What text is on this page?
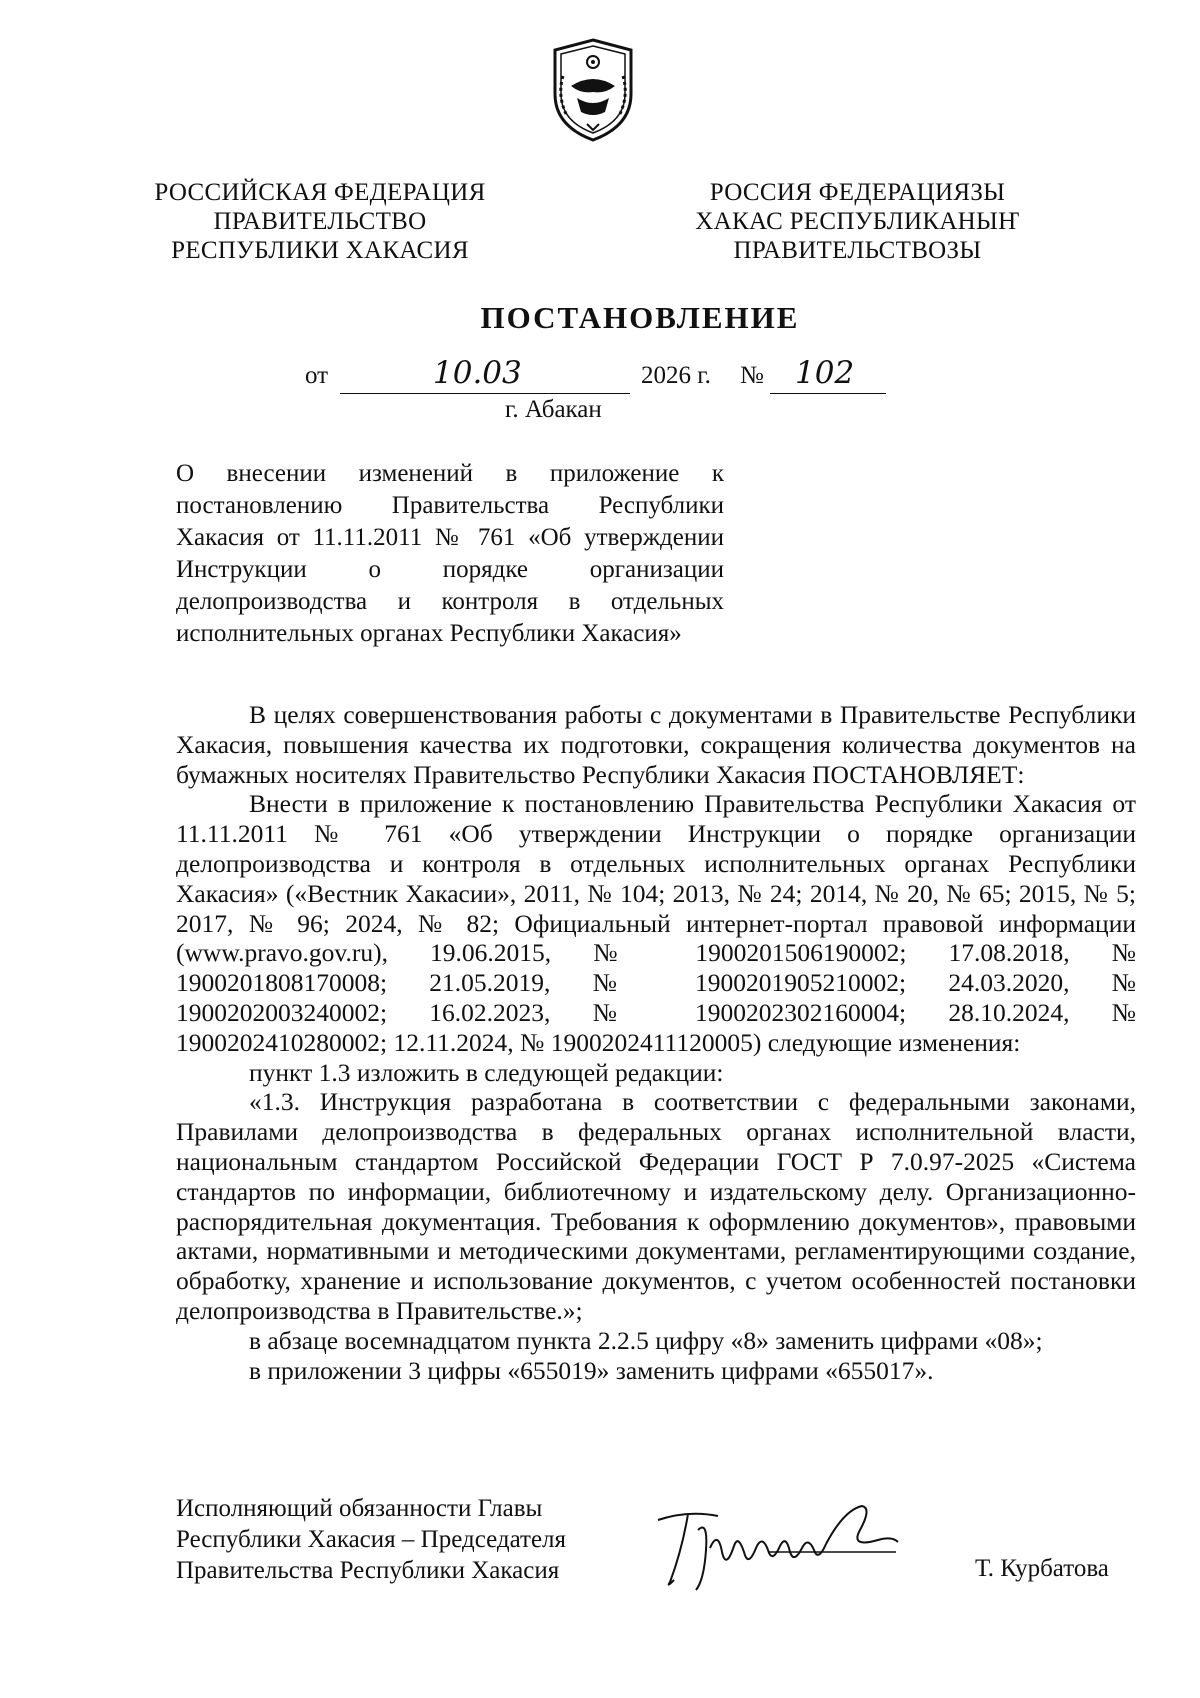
РОССИЙСКАЯ ФЕДЕРАЦИЯ
ПРАВИТЕЛЬСТВО
РЕСПУБЛИКИ ХАКАСИЯ
РОССИЯ ФЕДЕРАЦИЯЗЫ
ХАКАС РЕСПУБЛИКАНЫҤ
ПРАВИТЕЛЬСТВОЗЫ
ПОСТАНОВЛЕНИЕ
от	10.03	2026 г. № 102
г. Абакан
О внесении изменений в приложение к постановлению Правительства Республики Хакасия от 11.11.2011 № 761 «Об утверждении Инструкции о порядке организации делопроизводства и контроля в отдельных исполнительных органах Республики Хакасия»

В целях совершенствования работы с документами в Правительстве Республики Хакасия, повышения качества их подготовки, сокращения количества документов на бумажных носителях Правительство Республики Хакасия ПОСТАНОВЛЯЕТ:

Внести в приложение к постановлению Правительства Республики Хакасия от 11.11.2011 № 761 «Об утверждении Инструкции о порядке организации делопроизводства и контроля в отдельных исполнительных органах Республики Хакасия» («Вестник Хакасии», 2011, № 104; 2013, № 24; 2014, № 20, № 65; 2015, № 5; 2017, № 96; 2024, № 82; Официальный интернет-портал правовой информации (www.pravo.gov.ru), 19.06.2015, № 1900201506190002; 17.08.2018, № 1900201808170008; 21.05.2019, № 1900201905210002; 24.03.2020, № 1900202003240002; 16.02.2023, № 1900202302160004; 28.10.2024, № 1900202410280002; 12.11.2024, № 1900202411120005) следующие изменения:

пункт 1.3 изложить в следующей редакции:

«1.3. Инструкция разработана в соответствии с федеральными законами, Правилами делопроизводства в федеральных органах исполнительной власти, национальным стандартом Российской Федерации ГОСТ Р 7.0.97-2025 «Система стандартов по информации, библиотечному и издательскому делу. Организационно-распорядительная документация. Требования к оформлению документов», правовыми актами, нормативными и методическими документами, регламентирующими создание, обработку, хранение и использование документов, с учетом особенностей постановки делопроизводства в Правительстве.»;

в абзаце восемнадцатом пункта 2.2.5 цифру «8» заменить цифрами «08»;

в приложении 3 цифры «655019» заменить цифрами «655017».

Исполняющий обязанности Главы
Республики Хакасия – Председателя
Правительства Республики Хакасия	Т. Курбатова
